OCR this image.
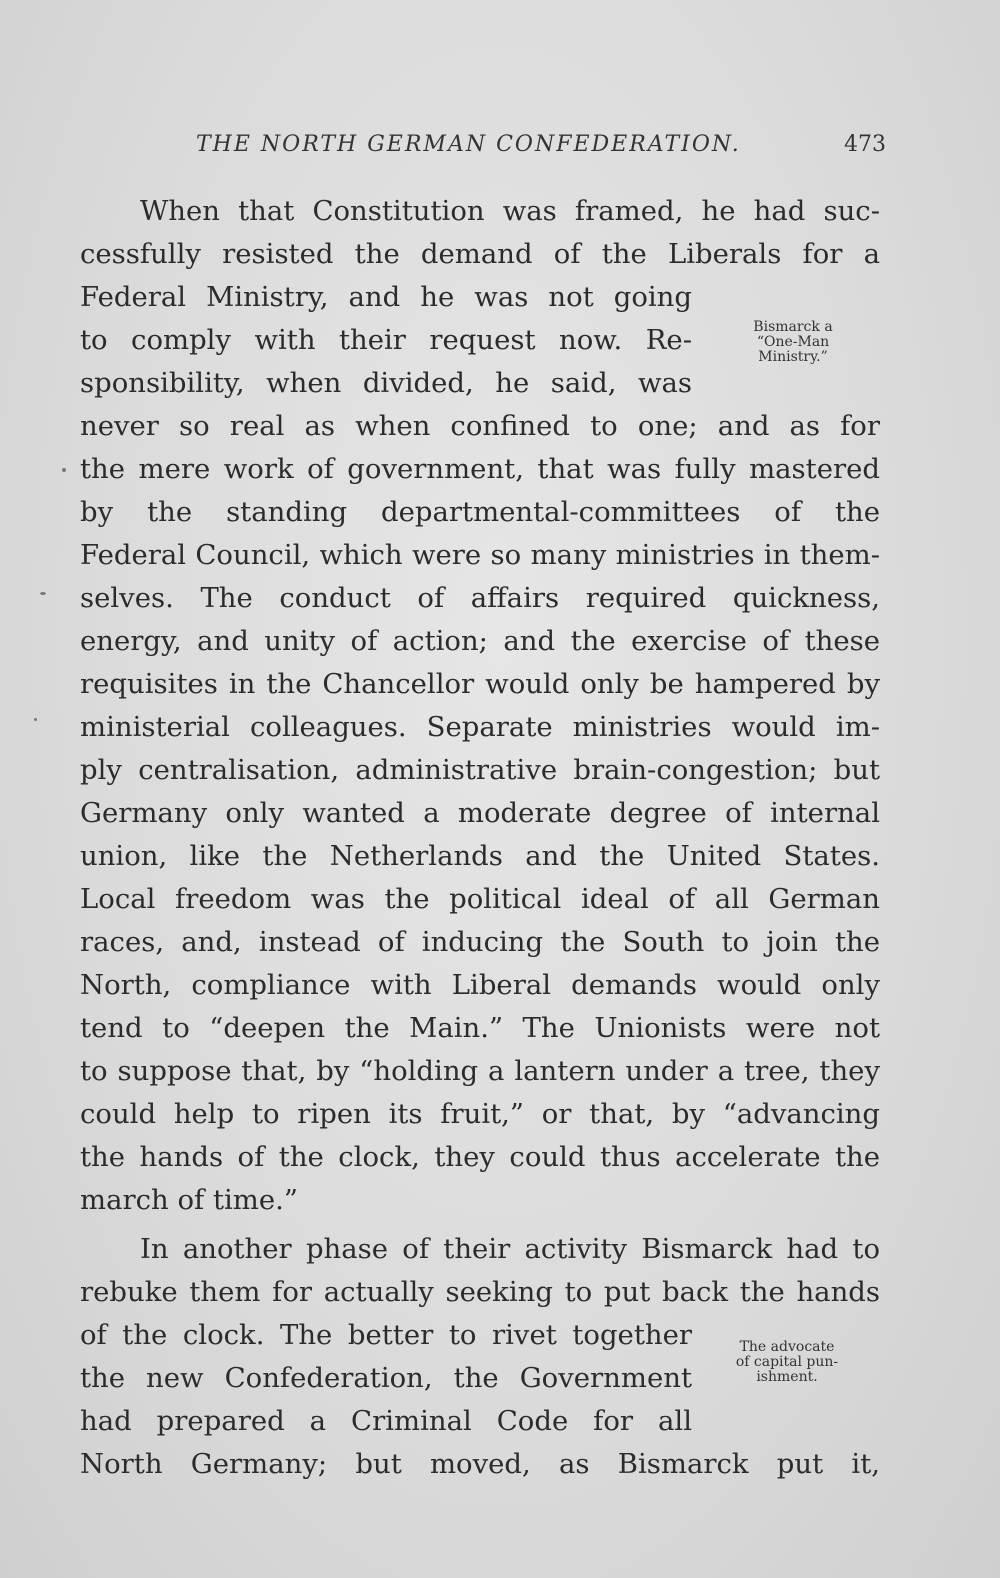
THE NORTH GERMAN CONFEDERATION.	473
When that Constitution was framed, he had suc-
cessfully resisted the demand of the Liberals for a
Federal Ministry, and he was not going
to comply with their request now. Re-
sponsibility, when divided, he said, was
never so real as when confined to one; and as for
the mere work of government, that was fully mastered
by the standing departmental-committees of the
Federal Council, which were so many ministries in them-
selves. The conduct of affairs required quickness,
energy, and unity of action; and the exercise of these
requisites in the Chancellor would only be hampered by
ministerial colleagues. Separate ministries would im-
ply centralisation, administrative brain-congestion; but
Germany only wanted a moderate degree of internal
union, like the Netherlands and the United States.
Local freedom was the political ideal of all German
races, and, instead of inducing the South to join the
North, compliance with Liberal demands would only
tend to “deepen the Main.” The Unionists were not
to suppose that, by “holding a lantern under a tree, they
could help to ripen its fruit,” or that, by “advancing
the hands of the clock, they could thus accelerate the
march of time.”
In another phase of their activity Bismarck had to
rebuke them for actually seeking to put back the hands
of the clock. The better to rivet together
the new Confederation, the Government
had prepared a Criminal Code for all
North Germany; but moved, as Bismarck put it,
Bismarck a
“One-Man
Ministry.”
The advocate
of capital pun-
ishment.
